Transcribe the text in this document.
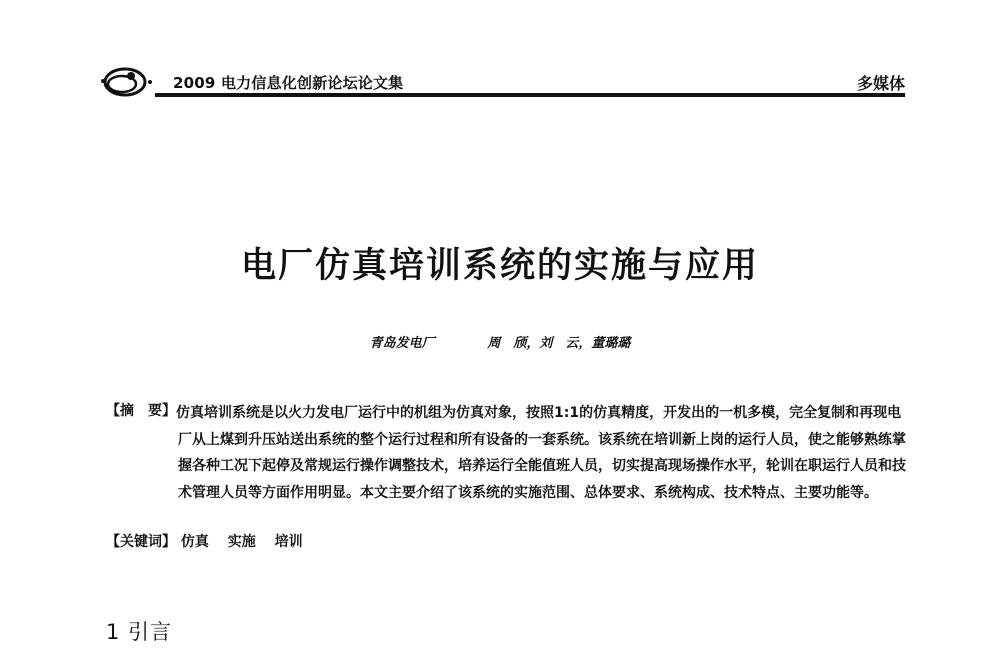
2009 电力信息化创新论坛论文集	多媒体
电厂仿真培训系统的实施与应用
青岛发电厂	周　颀，刘　云，董璐璐
【摘　要】 仿真培训系统是以火力发电厂运行中的机组为仿真对象，按照1:1的仿真精度，开发出的一机多模，完全复制和再现电厂从上煤到升压站送出系统的整个运行过程和所有设备的一套系统。该系统在培训新上岗的运行人员，使之能够熟练掌握各种工况下起停及常规运行操作调整技术，培养运行全能值班人员，切实提高现场操作水平，轮训在职运行人员和技术管理人员等方面作用明显。本文主要介绍了该系统的实施范围、总体要求、系统构成、技术特点、主要功能等。
【关键词】 仿真 实施 培训
1 引言
